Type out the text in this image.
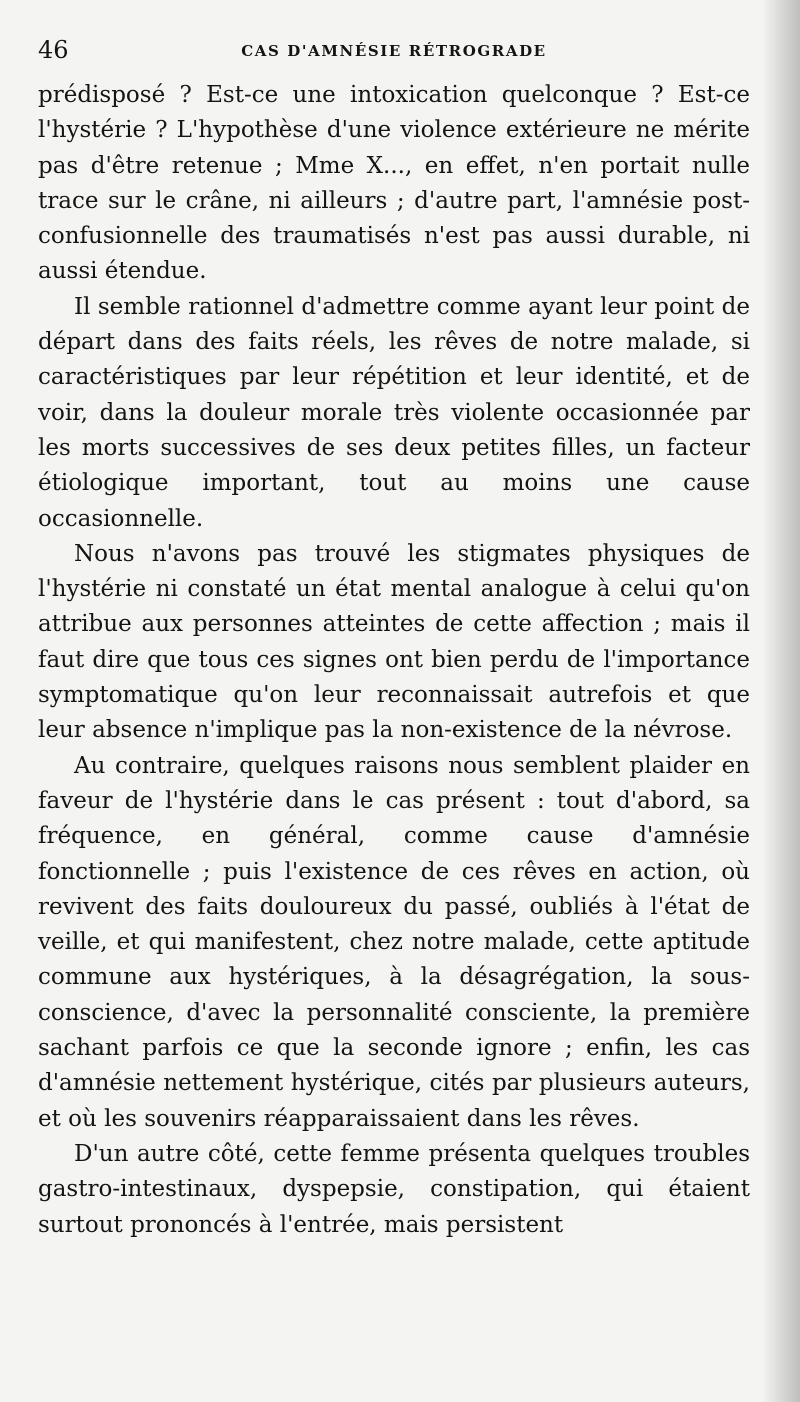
46	CAS D'AMNÉSIE RÉTROGRADE

prédisposé ? Est-ce une intoxication quelconque ? Est-ce l'hystérie ? L'hypothèse d'une violence extérieure ne mérite pas d'être retenue ; Mme X..., en effet, n'en portait nulle trace sur le crâne, ni ailleurs ; d'autre part, l'amnésie post-confusionnelle des traumatisés n'est pas aussi durable, ni aussi étendue.

Il semble rationnel d'admettre comme ayant leur point de départ dans des faits réels, les rêves de notre malade, si caractéristiques par leur répétition et leur identité, et de voir, dans la douleur morale très violente occasionnée par les morts successives de ses deux petites filles, un facteur étiologique important, tout au moins une cause occasionnelle.

Nous n'avons pas trouvé les stigmates physiques de l'hystérie ni constaté un état mental analogue à celui qu'on attribue aux personnes atteintes de cette affection ; mais il faut dire que tous ces signes ont bien perdu de l'importance symptomatique qu'on leur reconnaissait autrefois et que leur absence n'implique pas la non-existence de la névrose.

Au contraire, quelques raisons nous semblent plaider en faveur de l'hystérie dans le cas présent : tout d'abord, sa fréquence, en général, comme cause d'amnésie fonctionnelle ; puis l'existence de ces rêves en action, où revivent des faits douloureux du passé, oubliés à l'état de veille, et qui manifestent, chez notre malade, cette aptitude commune aux hystériques, à la désagrégation, la sous-conscience, d'avec la personnalité consciente, la première sachant parfois ce que la seconde ignore ; enfin, les cas d'amnésie nettement hystérique, cités par plusieurs auteurs, et où les souvenirs réapparaissaient dans les rêves.

D'un autre côté, cette femme présenta quelques troubles gastro-intestinaux, dyspepsie, constipation, qui étaient surtout prononcés à l'entrée, mais persistent
